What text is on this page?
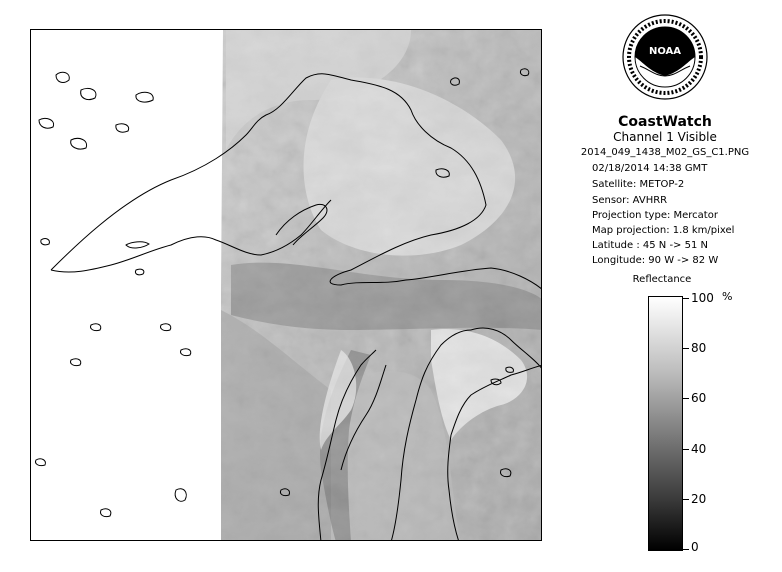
NOAA
CoastWatch
Channel 1 Visible
2014_049_1438_M02_GS_C1.PNG
02/18/2014 14:38 GMT
Satellite: METOP-2
Sensor: AVHRR
Projection type: Mercator
Map projection: 1.8 km/pixel
Latitude : 45 N -> 51 N
Longitude: 90 W -> 82 W
Reflectance
%
100
80
60
40
20
0
